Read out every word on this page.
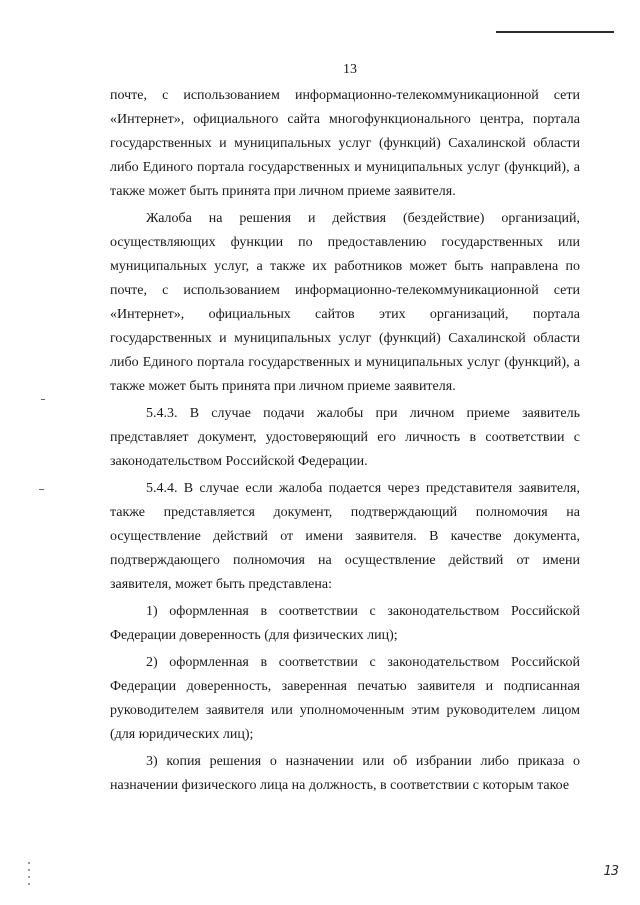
13

почте, с использованием информационно-телекоммуникационной сети «Интернет», официального сайта многофункционального центра, портала государственных и муниципальных услуг (функций) Сахалинской области либо Единого портала государственных и муниципальных услуг (функций), а также может быть принята при личном приеме заявителя.

Жалоба на решения и действия (бездействие) организаций, осуществляющих функции по предоставлению государственных или муниципальных услуг, а также их работников может быть направлена по почте, с использованием информационно-телекоммуникационной сети «Интернет», официальных сайтов этих организаций, портала государственных и муниципальных услуг (функций) Сахалинской области либо Единого портала государственных и муниципальных услуг (функций), а также может быть принята при личном приеме заявителя.

5.4.3. В случае подачи жалобы при личном приеме заявитель представляет документ, удостоверяющий его личность в соответствии с законодательством Российской Федерации.

5.4.4. В случае если жалоба подается через представителя заявителя, также представляется документ, подтверждающий полномочия на осуществление действий от имени заявителя. В качестве документа, подтверждающего полномочия на осуществление действий от имени заявителя, может быть представлена:

1) оформленная в соответствии с законодательством Российской Федерации доверенность (для физических лиц);

2) оформленная в соответствии с законодательством Российской Федерации доверенность, заверенная печатью заявителя и подписанная руководителем заявителя или уполномоченным этим руководителем лицом (для юридических лиц);

3) копия решения о назначении или об избрании либо приказа о назначении физического лица на должность, в соответствии с которым такое

13
